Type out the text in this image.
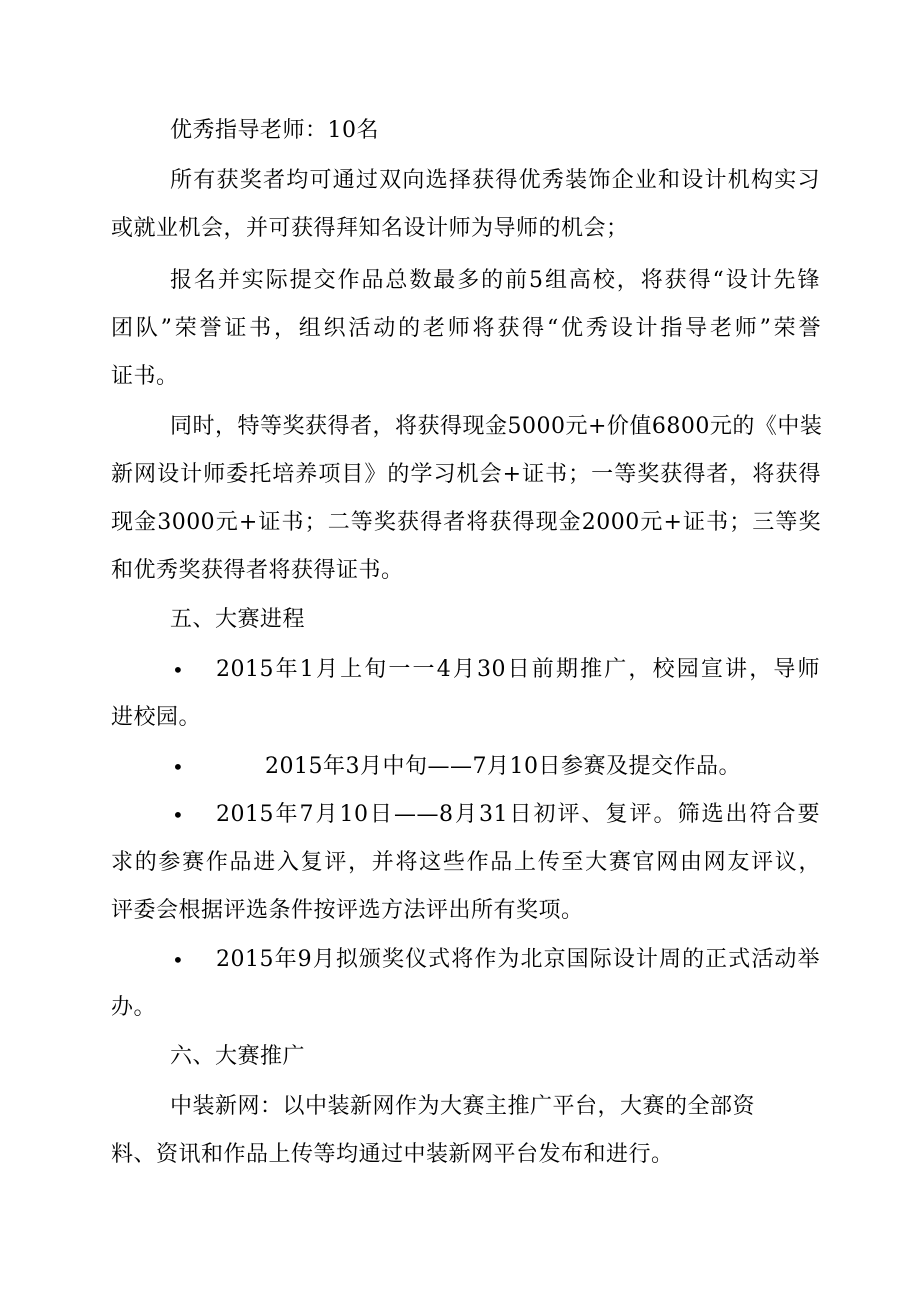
优秀指导老师：10名
所有获奖者均可通过双向选择获得优秀装饰企业和设计机构实习
或就业机会，并可获得拜知名设计师为导师的机会；
报名并实际提交作品总数最多的前5组高校，将获得“设计先锋
团队”荣誉证书，组织活动的老师将获得“优秀设计指导老师”荣誉
证书。
同时，特等奖获得者，将获得现金5000元+价值6800元的《中装
新网设计师委托培养项目》的学习机会+证书；一等奖获得者，将获得
现金3000元+证书；二等奖获得者将获得现金2000元+证书；三等奖
和优秀奖获得者将获得证书。
五、大赛进程
• 2015年1月上旬一一4月30日前期推广，校园宣讲，导师
进校园。
•	2015年3月中旬——7月10日参赛及提交作品。
• 2015年7月10日——8月31日初评、复评。筛选出符合要
求的参赛作品进入复评，并将这些作品上传至大赛官网由网友评议，
评委会根据评选条件按评选方法评出所有奖项。
• 2015年9月拟颁奖仪式将作为北京国际设计周的正式活动举
办。
六、大赛推广
中装新网：以中装新网作为大赛主推广平台，大赛的全部资
料、资讯和作品上传等均通过中装新网平台发布和进行。
